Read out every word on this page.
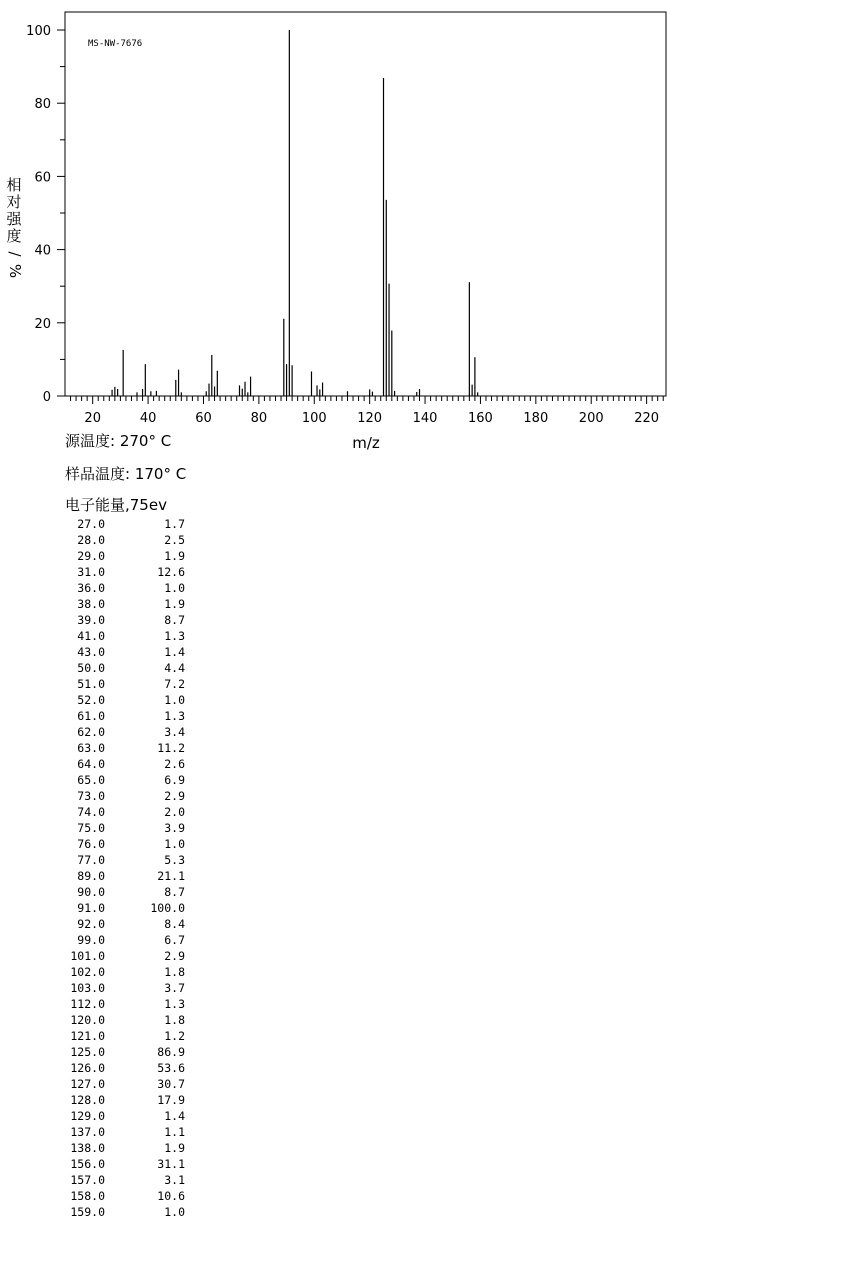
20	40	60	80	100 120 140 160 180 200 220
0
20
40
60
80
100
MS-NW-7676
m/z
相
对
强
度
/
%
源温度: 270° C
样品温度: 170° C
电子能量,75ev
27.0	1.7
28.0	2.5
29.0	1.9
31.0	12.6
36.0	1.0
38.0	1.9
39.0	8.7
41.0	1.3
43.0	1.4
50.0	4.4
51.0	7.2
52.0	1.0
61.0	1.3
62.0	3.4
63.0	11.2
64.0	2.6
65.0	6.9
73.0	2.9
74.0	2.0
75.0	3.9
76.0	1.0
77.0	5.3
89.0	21.1
90.0	8.7
91.0	100.0
92.0	8.4
99.0	6.7
101.0	2.9
102.0	1.8
103.0	3.7
112.0	1.3
120.0	1.8
121.0	1.2
125.0	86.9
126.0	53.6
127.0	30.7
128.0	17.9
129.0	1.4
137.0	1.1
138.0	1.9
156.0	31.1
157.0	3.1
158.0	10.6
159.0	1.0
